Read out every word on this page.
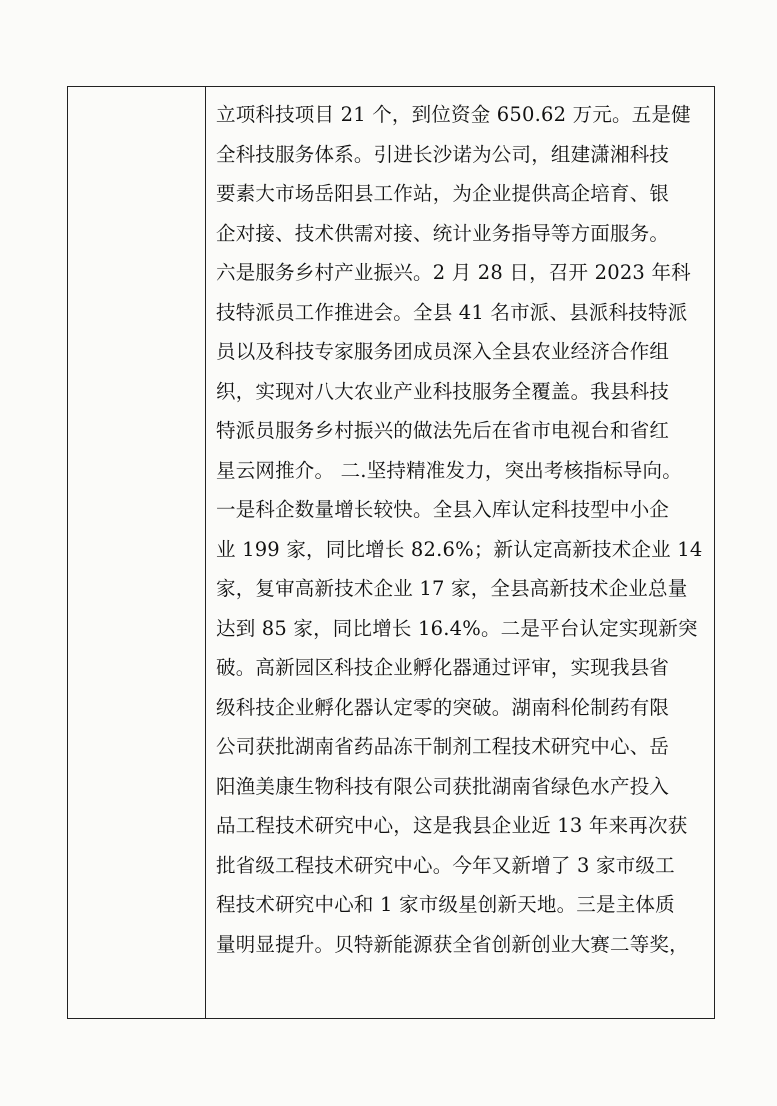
立项科技项目 21 个，到位资金 650.62 万元。五是健
全科技服务体系。引进长沙诺为公司，组建潇湘科技
要素大市场岳阳县工作站，为企业提供高企培育、银
企对接、技术供需对接、统计业务指导等方面服务。
六是服务乡村产业振兴。2 月 28 日，召开 2023 年科
技特派员工作推进会。全县 41 名市派、县派科技特派
员以及科技专家服务团成员深入全县农业经济合作组
织，实现对八大农业产业科技服务全覆盖。我县科技
特派员服务乡村振兴的做法先后在省市电视台和省红
星云网推介。 二.坚持精准发力，突出考核指标导向。
一是科企数量增长较快。全县入库认定科技型中小企
业 199 家，同比增长 82.6%；新认定高新技术企业 14
家，复审高新技术企业 17 家，全县高新技术企业总量
达到 85 家，同比增长 16.4%。二是平台认定实现新突
破。高新园区科技企业孵化器通过评审，实现我县省
级科技企业孵化器认定零的突破。湖南科伦制药有限
公司获批湖南省药品冻干制剂工程技术研究中心、岳
阳渔美康生物科技有限公司获批湖南省绿色水产投入
品工程技术研究中心，这是我县企业近 13 年来再次获
批省级工程技术研究中心。今年又新增了 3 家市级工
程技术研究中心和 1 家市级星创新天地。三是主体质
量明显提升。贝特新能源获全省创新创业大赛二等奖，
